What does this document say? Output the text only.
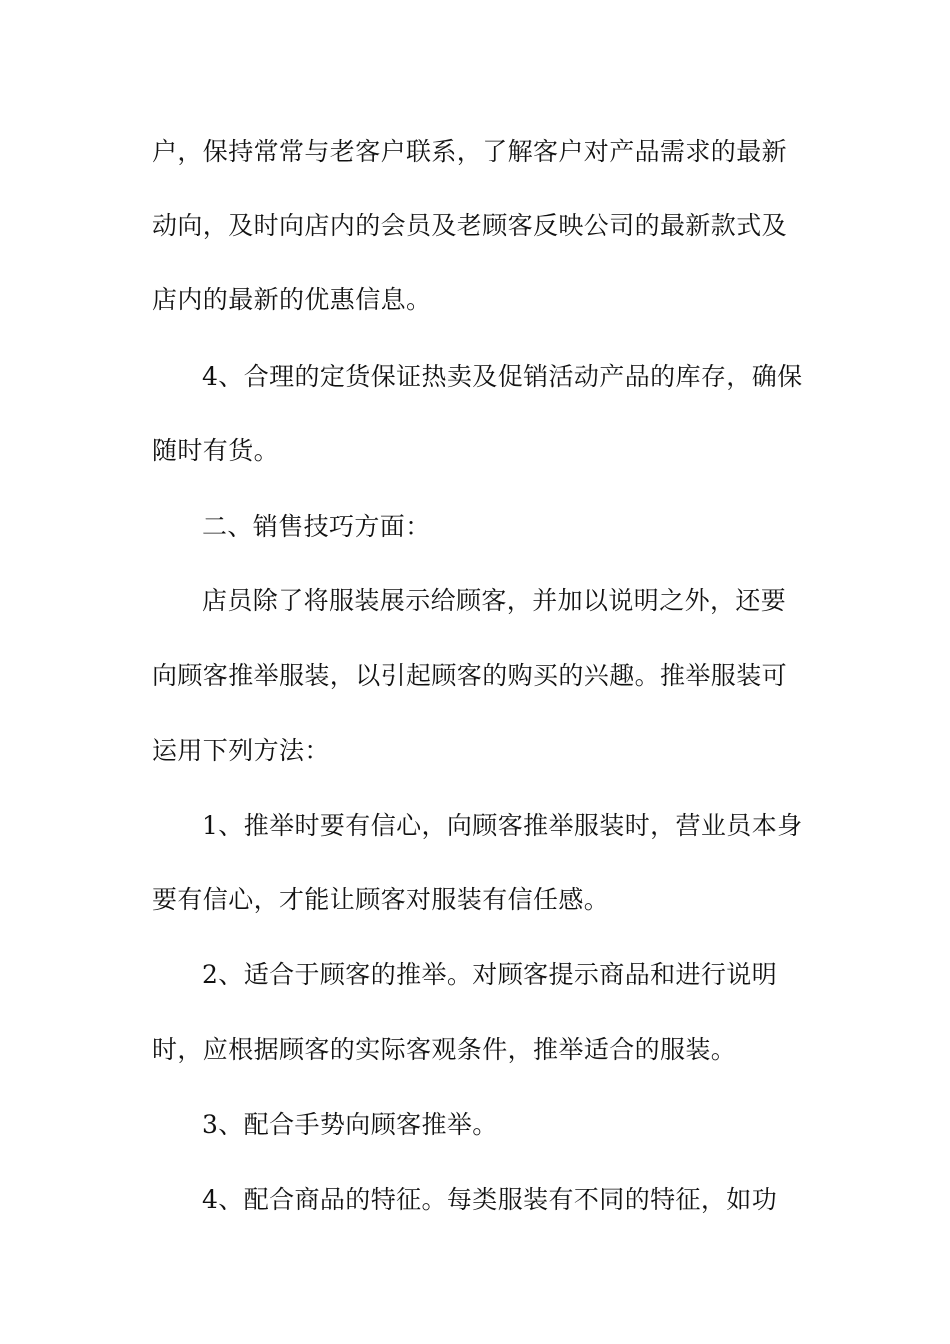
户，保持常常与老客户联系，了解客户对产品需求的最新
动向，及时向店内的会员及老顾客反映公司的最新款式及
店内的最新的优惠信息。
4、合理的定货保证热卖及促销活动产品的库存，确保
随时有货。
二、销售技巧方面：
店员除了将服装展示给顾客，并加以说明之外，还要
向顾客推举服装，以引起顾客的购买的兴趣。推举服装可
运用下列方法：
1、推举时要有信心，向顾客推举服装时，营业员本身
要有信心，才能让顾客对服装有信任感。
2、适合于顾客的推举。对顾客提示商品和进行说明
时，应根据顾客的实际客观条件，推举适合的服装。
3、配合手势向顾客推举。
4、配合商品的特征。每类服装有不同的特征，如功
